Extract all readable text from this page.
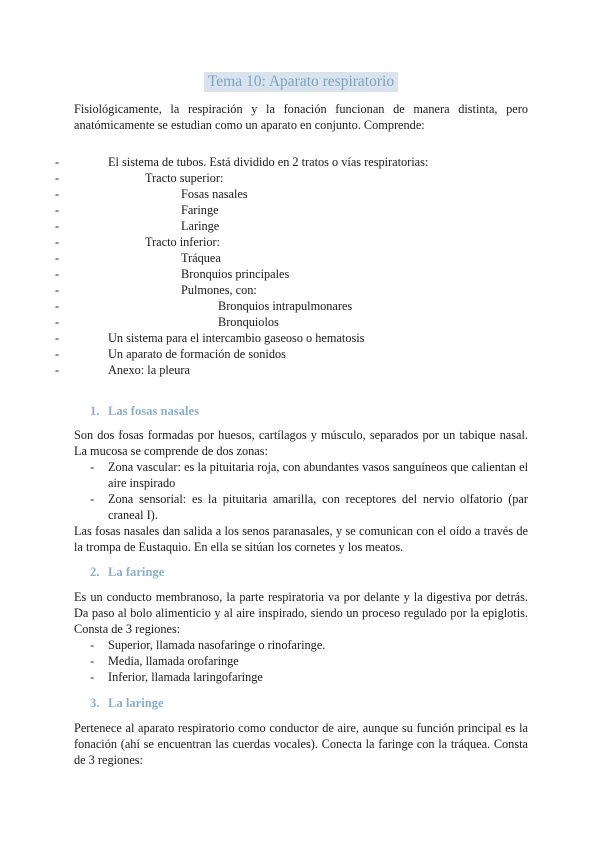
Tema 10: Aparato respiratorio

Fisiológicamente, la respiración y la fonación funcionan de manera distinta, pero anatómicamente se estudian como un aparato en conjunto. Comprende:

-	El sistema de tubos. Está dividido en 2 tratos o vías respiratorias:
-	Tracto superior:
-	Fosas nasales
-	Faringe
-	Laringe
-	Tracto inferior:
-	Tráquea
-	Bronquios principales
-	Pulmones, con:
-	Bronquios intrapulmonares
-	Bronquiolos
-	Un sistema para el intercambio gaseoso o hematosis
-	Un aparato de formación de sonidos
-	Anexo: la pleura
1. Las fosas nasales

Son dos fosas formadas por huesos, cartílagos y músculo, separados por un tabique nasal. La mucosa se comprende de dos zonas:

- Zona vascular: es la pituitaria roja, con abundantes vasos sanguíneos que calientan el aire inspirado
- Zona sensorial: es la pituitaria amarilla, con receptores del nervio olfatorio (par craneal I).

Las fosas nasales dan salida a los senos paranasales, y se comunican con el oído a través de la trompa de Eustaquio. En ella se sitúan los cornetes y los meatos.

2. La faringe

Es un conducto membranoso, la parte respiratoria va por delante y la digestiva por detrás. Da paso al bolo alimenticio y al aire inspirado, siendo un proceso regulado por la epiglotis. Consta de 3 regiones:

- Superior, llamada nasofaringe o rinofaringe.
- Media, llamada orofaringe
- Inferior, llamada laringofaringe
3. La laringe

Pertenece al aparato respiratorio como conductor de aire, aunque su función principal es la fonación (ahí se encuentran las cuerdas vocales). Conecta la faringe con la tráquea. Consta de 3 regiones:
